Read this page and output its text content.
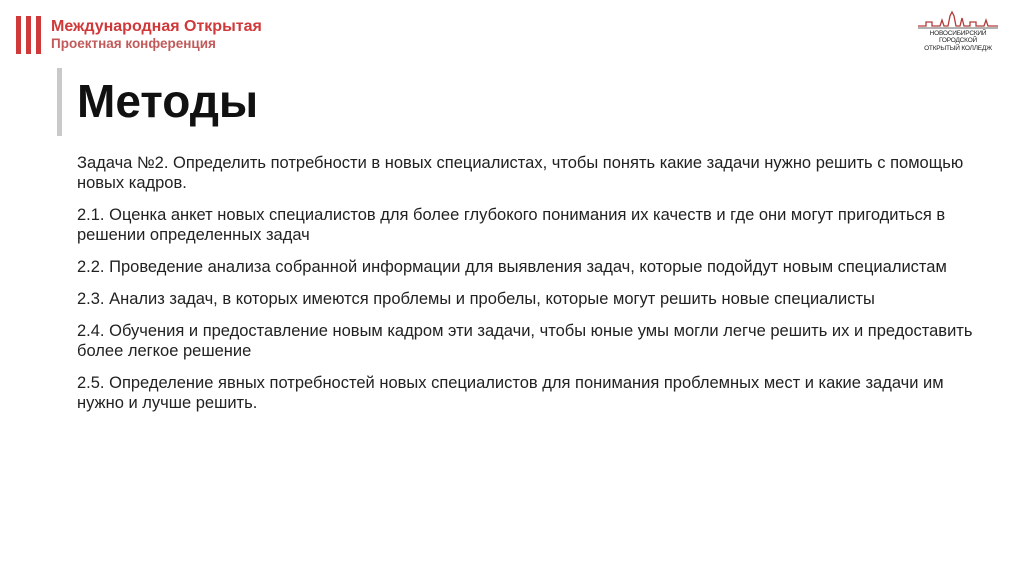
Международная Открытая
Проектная конференция
НОВОСИБИРСКИЙ ГОРОДСКОЙ
ОТКРЫТЫЙ КОЛЛЕДЖ
Методы

Задача №2. Определить потребности в новых специалистах, чтобы понять какие задачи нужно решить с помощью новых кадров.

2.1. Оценка анкет новых специалистов для более глубокого понимания их качеств и где они могут пригодиться в решении определенных задач

2.2. Проведение анализа собранной информации для выявления задач, которые подойдут новым специалистам

2.3. Анализ задач, в которых имеются проблемы и пробелы, которые могут решить новые специалисты

2.4. Обучения и предоставление новым кадром эти задачи, чтобы юные умы могли легче решить их и предоставить более легкое решение

2.5. Определение явных потребностей новых специалистов для понимания проблемных мест и какие задачи им нужно и лучше решить.
